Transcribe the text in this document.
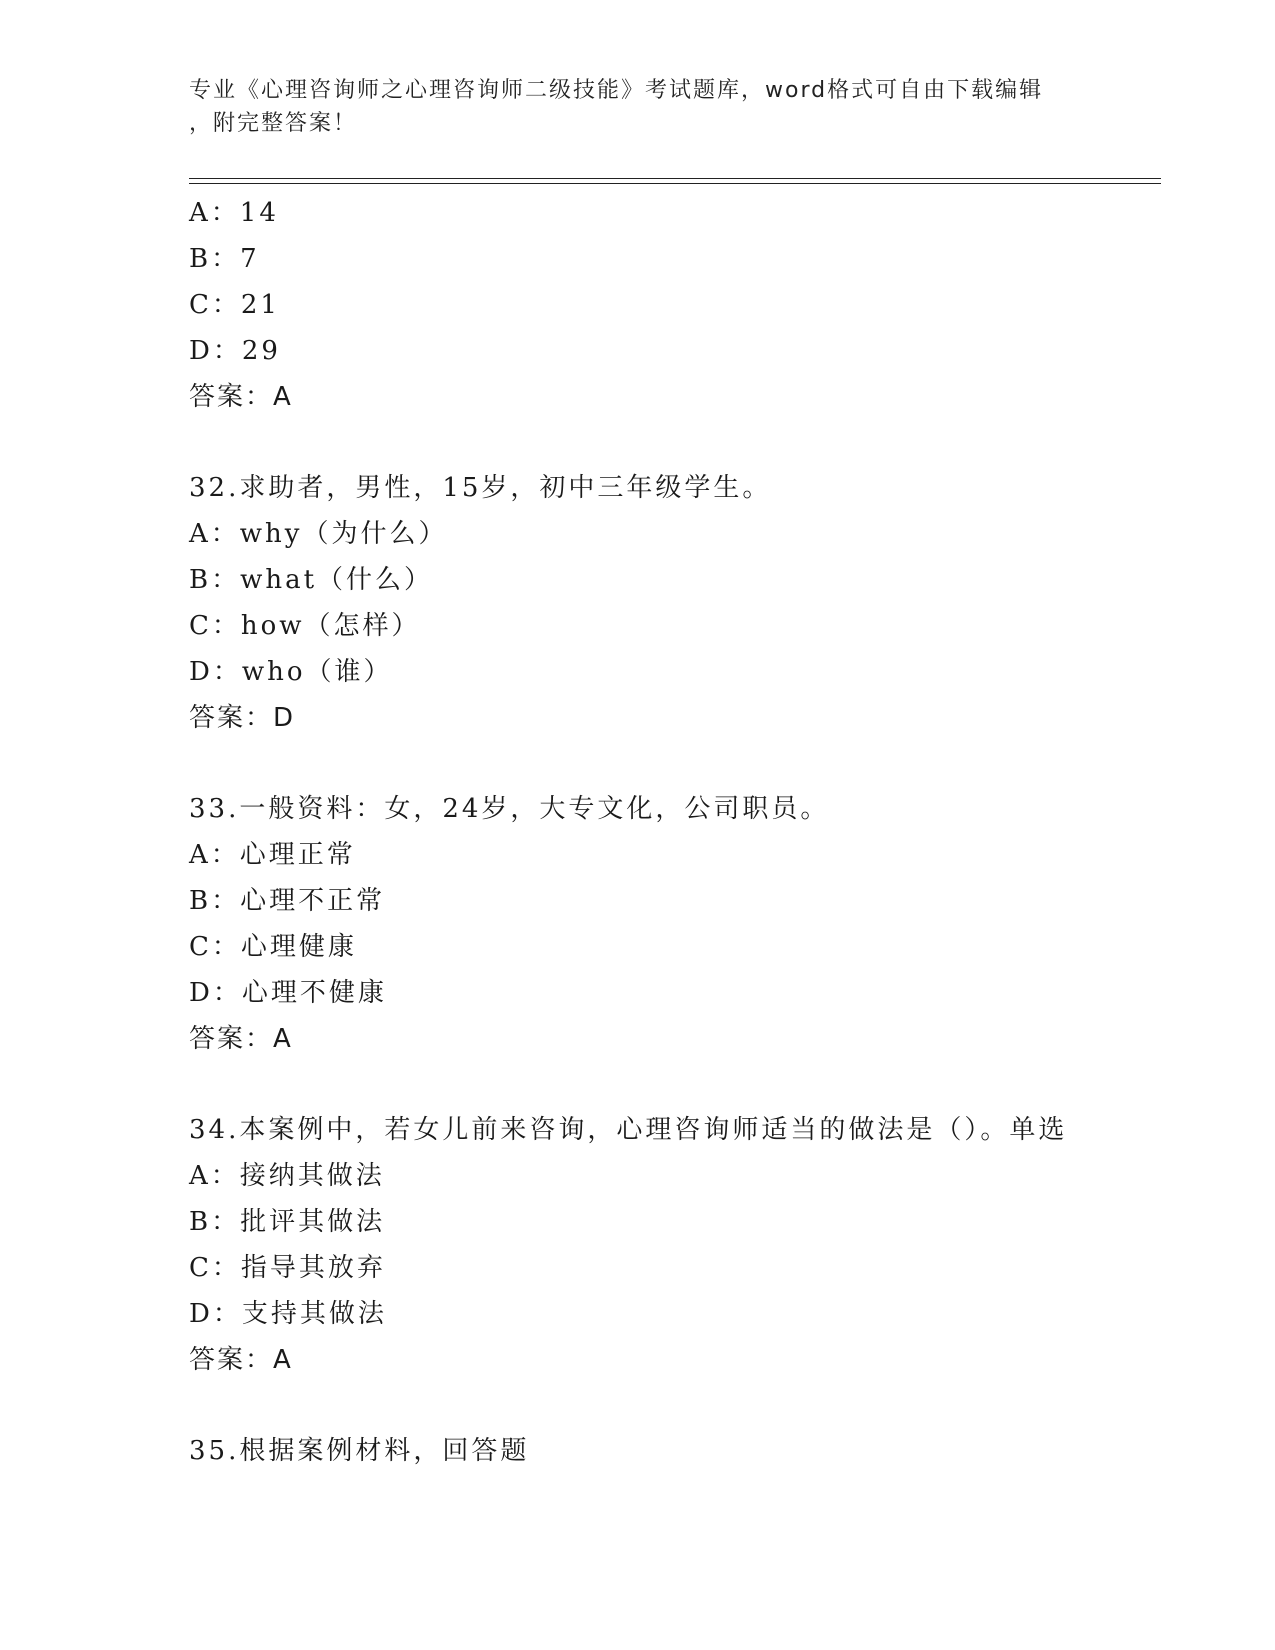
专业《心理咨询师之心理咨询师二级技能》考试题库，word格式可自由下载编辑
，附完整答案！
A：14
B：7
C：21
D：29
答案：A
32.求助者，男性，15岁，初中三年级学生。
A：why（为什么）
B：what（什么）
C：how（怎样）
D：who（谁）
答案：D
33.一般资料：女，24岁，大专文化，公司职员。
A：心理正常
B：心理不正常
C：心理健康
D：心理不健康
答案：A
34.本案例中，若女儿前来咨询，心理咨询师适当的做法是（）。单选
A：接纳其做法
B：批评其做法
C：指导其放弃
D：支持其做法
答案：A
35.根据案例材料，回答题
